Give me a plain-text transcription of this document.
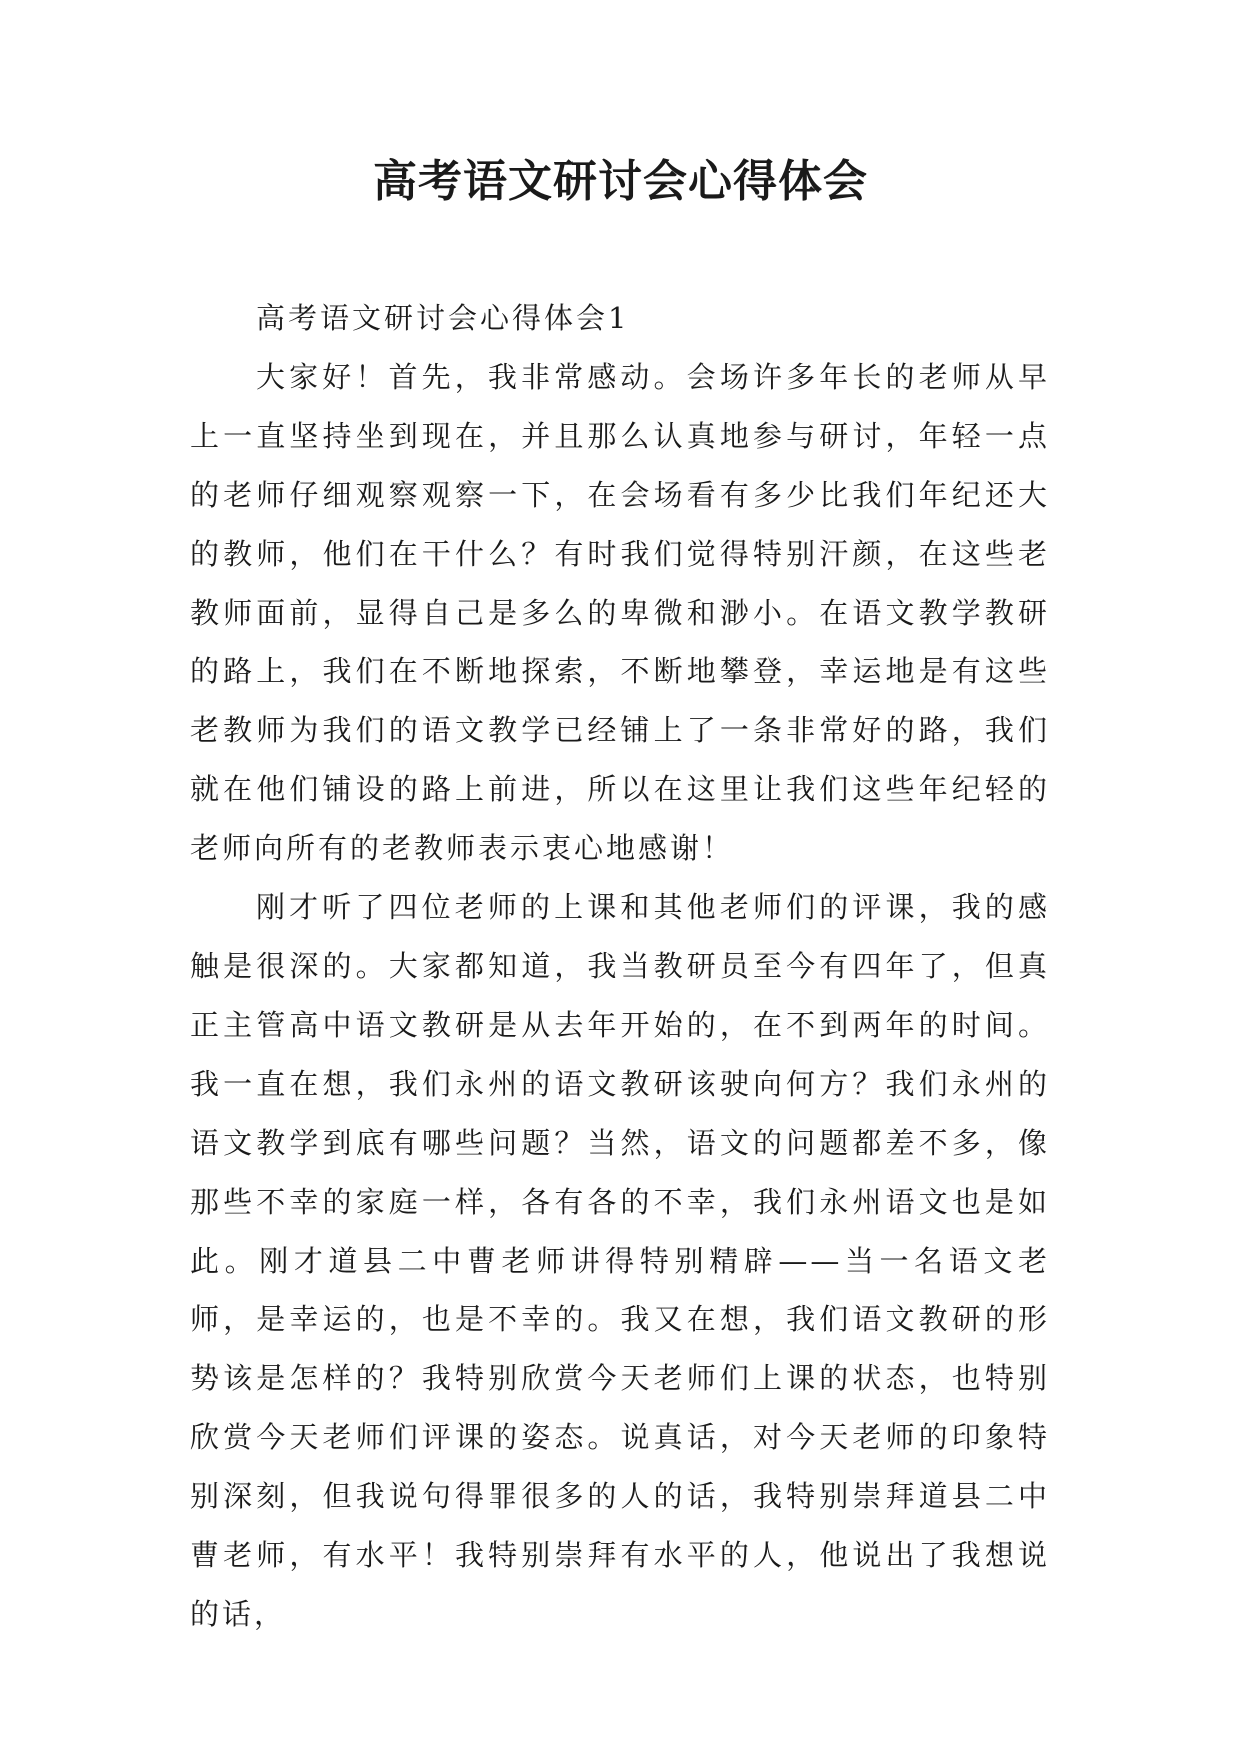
高考语文研讨会心得体会

高考语文研讨会心得体会1

大家好！首先，我非常感动。会场许多年长的老师从早上一直坚持坐到现在，并且那么认真地参与研讨，年轻一点的老师仔细观察观察一下，在会场看有多少比我们年纪还大的教师，他们在干什么？有时我们觉得特别汗颜，在这些老教师面前，显得自己是多么的卑微和渺小。在语文教学教研的路上，我们在不断地探索，不断地攀登，幸运地是有这些老教师为我们的语文教学已经铺上了一条非常好的路，我们就在他们铺设的路上前进，所以在这里让我们这些年纪轻的老师向所有的老教师表示衷心地感谢！

刚才听了四位老师的上课和其他老师们的评课，我的感触是很深的。大家都知道，我当教研员至今有四年了，但真正主管高中语文教研是从去年开始的，在不到两年的时间。我一直在想，我们永州的语文教研该驶向何方？我们永州的语文教学到底有哪些问题？当然，语文的问题都差不多，像那些不幸的家庭一样，各有各的不幸，我们永州语文也是如此。刚才道县二中曹老师讲得特别精辟——当一名语文老师，是幸运的，也是不幸的。我又在想，我们语文教研的形势该是怎样的？我特别欣赏今天老师们上课的状态，也特别欣赏今天老师们评课的姿态。说真话，对今天老师的印象特别深刻，但我说句得罪很多的人的话，我特别崇拜道县二中曹老师，有水平！我特别崇拜有水平的人，他说出了我想说的话，
